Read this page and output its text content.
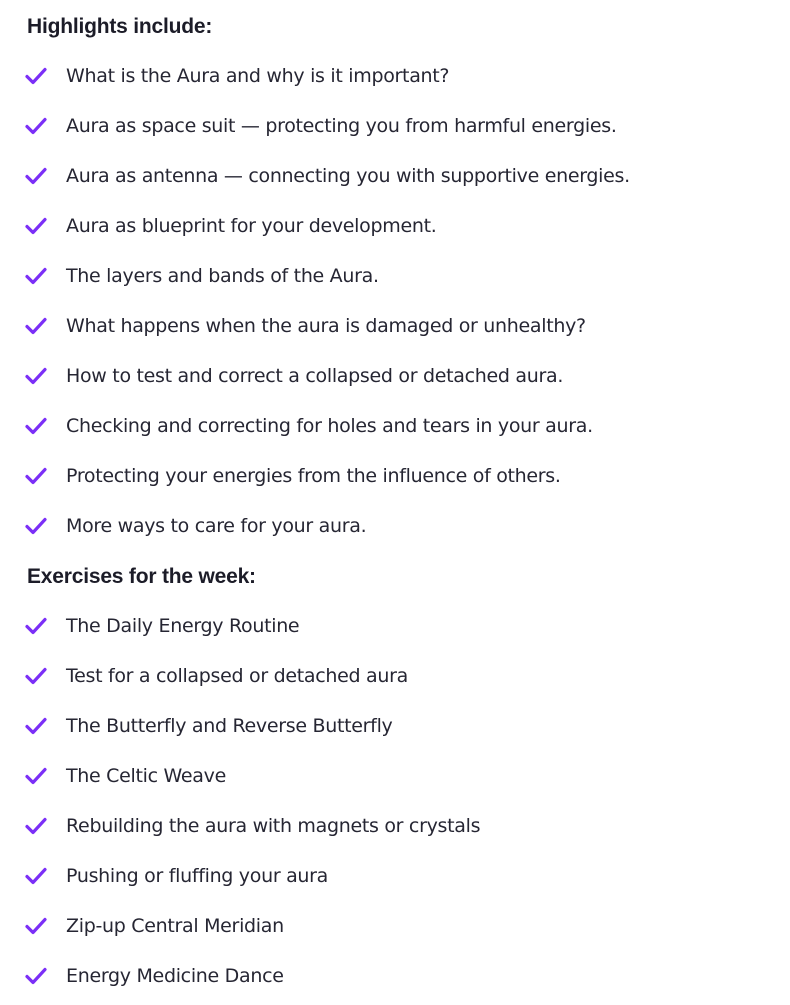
Highlights include:
What is the Aura and why is it important?
Aura as space suit — protecting you from harmful energies.
Aura as antenna — connecting you with supportive energies.
Aura as blueprint for your development.
The layers and bands of the Aura.
What happens when the aura is damaged or unhealthy?
How to test and correct a collapsed or detached aura.
Checking and correcting for holes and tears in your aura.
Protecting your energies from the influence of others.
More ways to care for your aura.
Exercises for the week:
The Daily Energy Routine
Test for a collapsed or detached aura
The Butterfly and Reverse Butterfly
The Celtic Weave
Rebuilding the aura with magnets or crystals
Pushing or fluffing your aura
Zip-up Central Meridian
Energy Medicine Dance
